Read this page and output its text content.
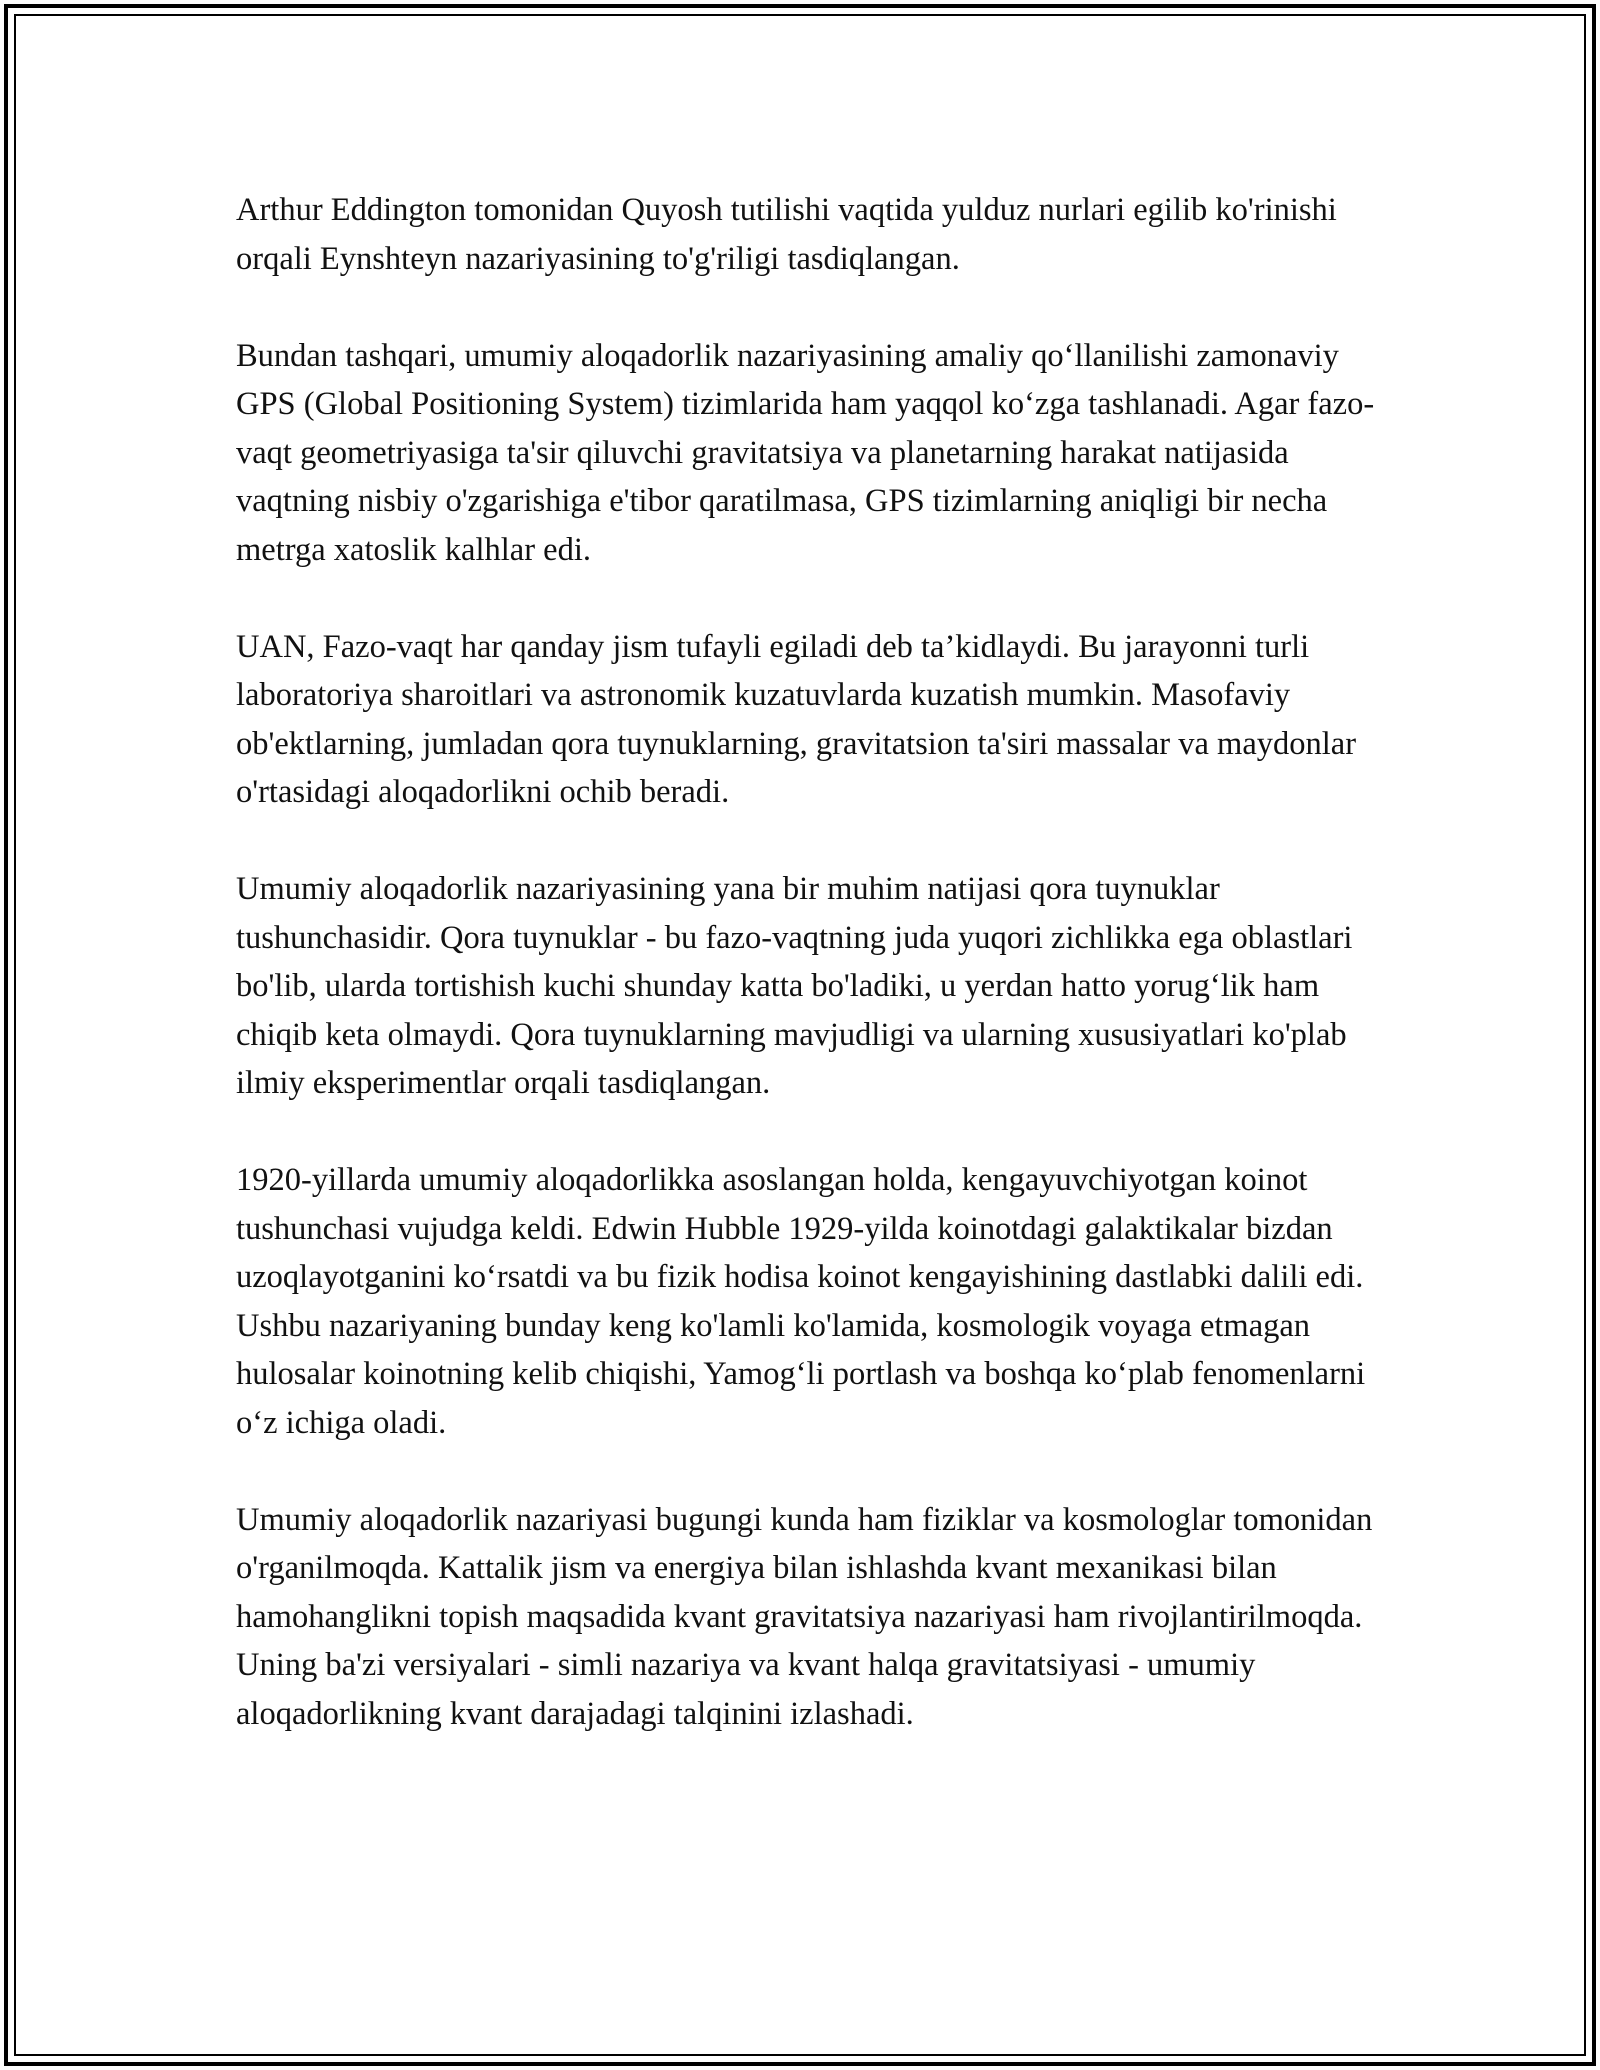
Arthur Eddington tomonidan Quyosh tutilishi vaqtida yulduz nurlari egilib ko'rinishi orqali Eynshteyn nazariyasining to'g'riligi tasdiqlangan.

Bundan tashqari, umumiy aloqadorlik nazariyasining amaliy qo‘llanilishi zamonaviy GPS (Global Positioning System) tizimlarida ham yaqqol ko‘zga tashlanadi. Agar fazo-vaqt geometriyasiga ta'sir qiluvchi gravitatsiya va planetarning harakat natijasida vaqtning nisbiy o'zgarishiga e'tibor qaratilmasa, GPS tizimlarning aniqligi bir necha metrga xatoslik kalhlar edi.

UAN, Fazo-vaqt har qanday jism tufayli egiladi deb ta’kidlaydi. Bu jarayonni turli laboratoriya sharoitlari va astronomik kuzatuvlarda kuzatish mumkin. Masofaviy ob'ektlarning, jumladan qora tuynuklarning, gravitatsion ta'siri massalar va maydonlar o'rtasidagi aloqadorlikni ochib beradi.

Umumiy aloqadorlik nazariyasining yana bir muhim natijasi qora tuynuklar tushunchasidir. Qora tuynuklar - bu fazo-vaqtning juda yuqori zichlikka ega oblastlari bo'lib, ularda tortishish kuchi shunday katta bo'ladiki, u yerdan hatto yorug‘lik ham chiqib keta olmaydi. Qora tuynuklarning mavjudligi va ularning xususiyatlari ko'plab ilmiy eksperimentlar orqali tasdiqlangan.

1920-yillarda umumiy aloqadorlikka asoslangan holda, kengayuvchiyotgan koinot tushunchasi vujudga keldi. Edwin Hubble 1929-yilda koinotdagi galaktikalar bizdan uzoqlayotganini ko‘rsatdi va bu fizik hodisa koinot kengayishining dastlabki dalili edi. Ushbu nazariyaning bunday keng ko'lamli ko'lamida, kosmologik voyaga etmagan hulosalar koinotning kelib chiqishi, Yamog‘li portlash va boshqa ko‘plab fenomenlarni o‘z ichiga oladi.

Umumiy aloqadorlik nazariyasi bugungi kunda ham fiziklar va kosmologlar tomonidan o'rganilmoqda. Kattalik jism va energiya bilan ishlashda kvant mexanikasi bilan hamohanglikni topish maqsadida kvant gravitatsiya nazariyasi ham rivojlantirilmoqda. Uning ba'zi versiyalari - simli nazariya va kvant halqa gravitatsiyasi - umumiy aloqadorlikning kvant darajadagi talqinini izlashadi.
